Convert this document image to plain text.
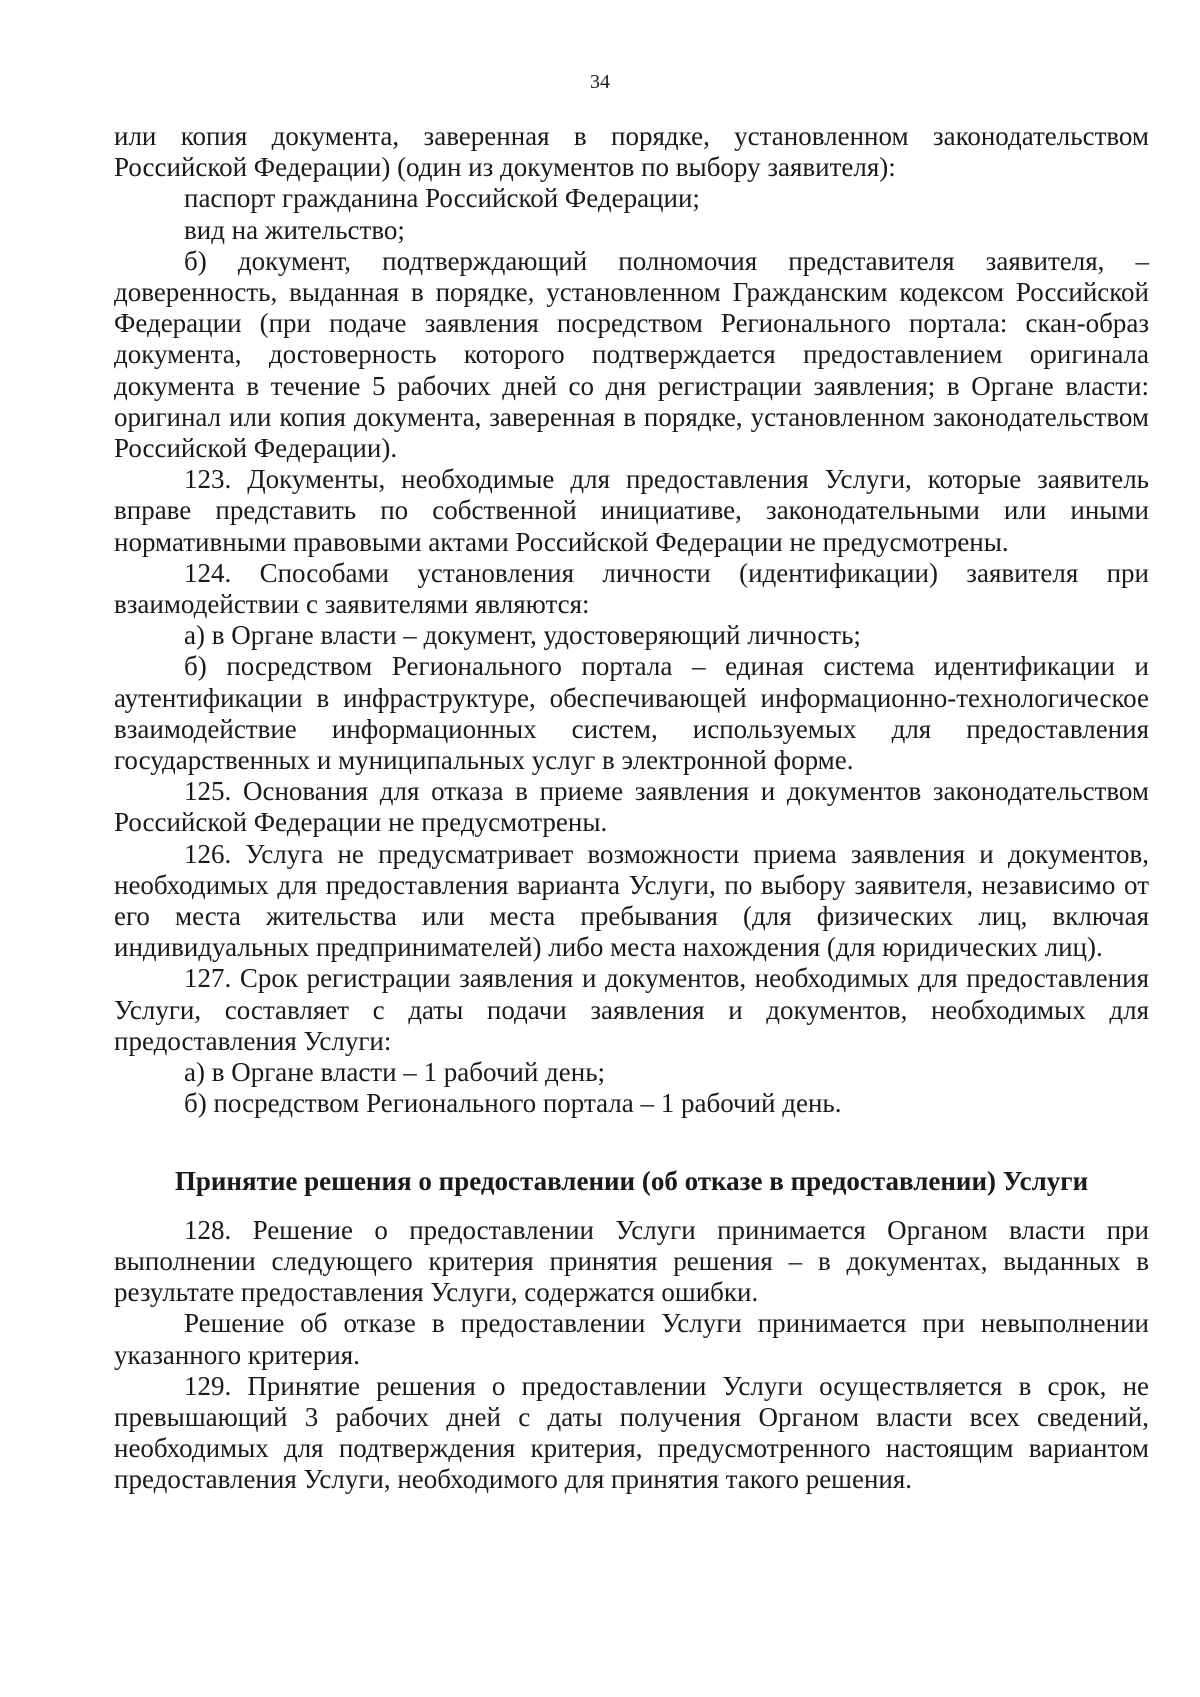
34

или копия документа, заверенная в порядке, установленном законодательством Российской Федерации) (один из документов по выбору заявителя):

паспорт гражданина Российской Федерации;

вид на жительство;

б) документ, подтверждающий полномочия представителя заявителя, – доверенность, выданная в порядке, установленном Гражданским кодексом Российской Федерации (при подаче заявления посредством Регионального портала: скан-образ документа, достоверность которого подтверждается предоставлением оригинала документа в течение 5 рабочих дней со дня регистрации заявления; в Органе власти: оригинал или копия документа, заверенная в порядке, установленном законодательством Российской Федерации).

123. Документы, необходимые для предоставления Услуги, которые заявитель вправе представить по собственной инициативе, законодательными или иными нормативными правовыми актами Российской Федерации не предусмотрены.

124. Способами установления личности (идентификации) заявителя при взаимодействии с заявителями являются:

а) в Органе власти – документ, удостоверяющий личность;

б) посредством Регионального портала – единая система идентификации и аутентификации в инфраструктуре, обеспечивающей информационно-технологическое взаимодействие информационных систем, используемых для предоставления государственных и муниципальных услуг в электронной форме.

125. Основания для отказа в приеме заявления и документов законодательством Российской Федерации не предусмотрены.

126. Услуга не предусматривает возможности приема заявления и документов, необходимых для предоставления варианта Услуги, по выбору заявителя, независимо от его места жительства или места пребывания (для физических лиц, включая индивидуальных предпринимателей) либо места нахождения (для юридических лиц).

127. Срок регистрации заявления и документов, необходимых для предоставления Услуги, составляет с даты подачи заявления и документов, необходимых для предоставления Услуги:

а) в Органе власти – 1 рабочий день;

б) посредством Регионального портала – 1 рабочий день.

Принятие решения о предоставлении (об отказе в предоставлении) Услуги

128. Решение о предоставлении Услуги принимается Органом власти при выполнении следующего критерия принятия решения – в документах, выданных в результате предоставления Услуги, содержатся ошибки.

Решение об отказе в предоставлении Услуги принимается при невыполнении указанного критерия.

129. Принятие решения о предоставлении Услуги осуществляется в срок, не превышающий 3 рабочих дней с даты получения Органом власти всех сведений, необходимых для подтверждения критерия, предусмотренного настоящим вариантом предоставления Услуги, необходимого для принятия такого решения.
